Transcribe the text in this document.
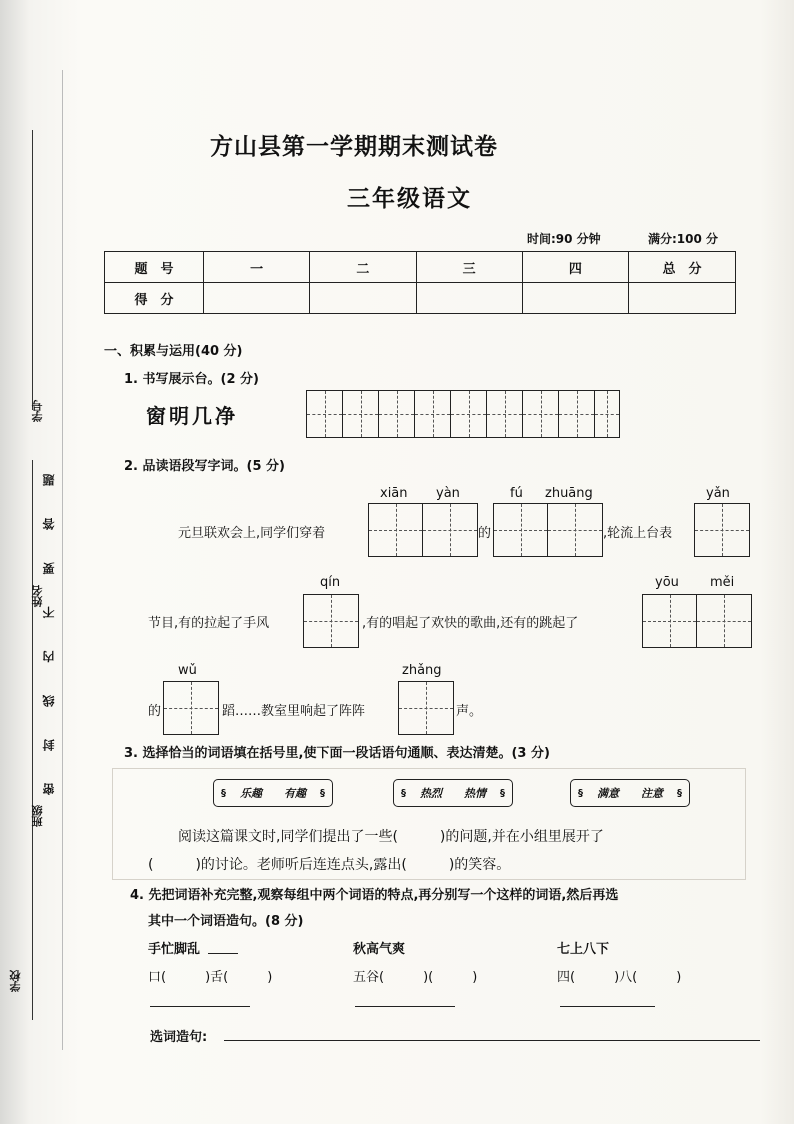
学号
姓名
班级
学校
密 封 线 内 不 要 答 题
方山县第一学期期末测试卷
三年级语文
时间:90 分钟	满分:100 分
题　号	一	二	三	四	总　分
得　分					
一、积累与运用(40 分)
1. 书写展示台。(2 分)
窗明几净
2. 品读语段写字词。(5 分)
xiān yàn	fú zhuāng	yǎn
元旦联欢会上,同学们穿着	的	,轮流上台表
qín	yōu měi
节目,有的拉起了手风	,有的唱起了欢快的歌曲,还有的跳起了
wǔ	zhǎng
的	蹈……教室里响起了阵阵	声。
3. 选择恰当的词语填在括号里,使下面一段话语句通顺、表达清楚。(3 分)
§ 乐趣　　有趣
§	§ 热烈　　热情
§	§ 满意　　注意
§
阅读这篇课文时,同学们提出了一些(　　　)的问题,并在小组里展开了
(　　　)的讨论。老师听后连连点头,露出(　　　)的笑容。
4. 先把词语补充完整,观察每组中两个词语的特点,再分别写一个这样的词语,然后再选
其中一个词语造句。(8 分)
手忙脚乱	秋高气爽	七上八下
口(　　　)舌(　　　)	五谷(　　　)(　　　)	四(　　　)八(　　　)
选词造句:
